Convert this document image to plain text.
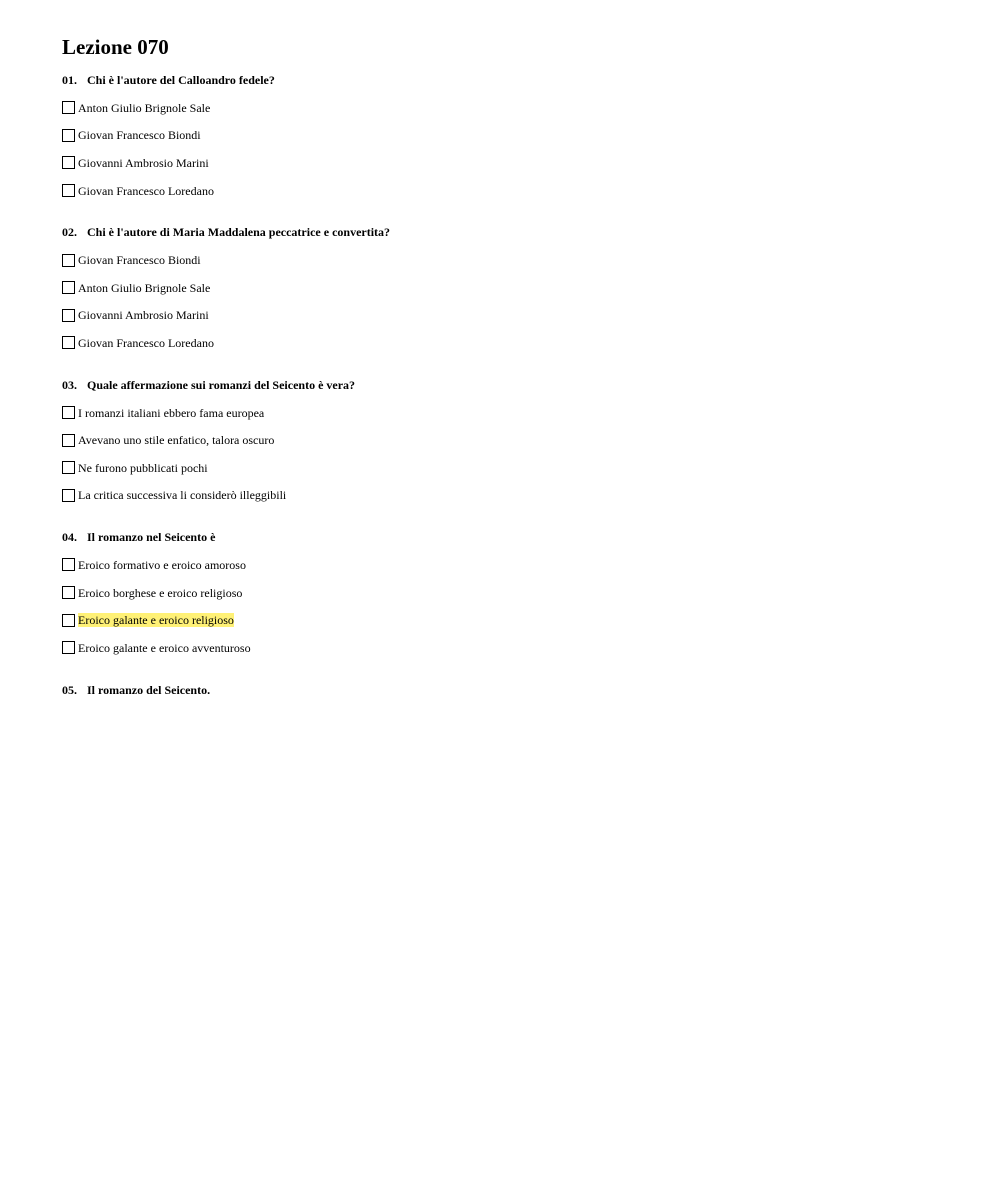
Lezione 070
01. Chi è l'autore del Calloandro fedele?
Anton Giulio Brignole Sale
Giovan Francesco Biondi
Giovanni Ambrosio Marini
Giovan Francesco Loredano
02. Chi è l'autore di Maria Maddalena peccatrice e convertita?
Giovan Francesco Biondi
Anton Giulio Brignole Sale
Giovanni Ambrosio Marini
Giovan Francesco Loredano
03. Quale affermazione sui romanzi del Seicento è vera?
I romanzi italiani ebbero fama europea
Avevano uno stile enfatico, talora oscuro
Ne furono pubblicati pochi
La critica successiva li considerò illeggibili
04. Il romanzo nel Seicento è
Eroico formativo e eroico amoroso
Eroico borghese e eroico religioso
Eroico galante e eroico religioso
Eroico galante e eroico avventuroso
05. Il romanzo del Seicento.
